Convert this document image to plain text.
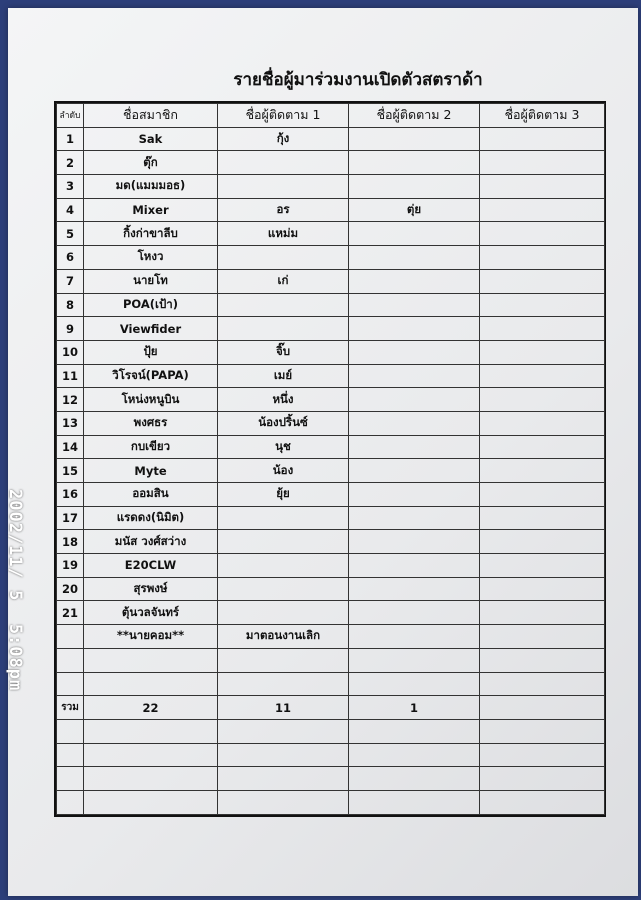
รายชื่อผู้มาร่วมงานเปิดตัวสตราด้า
ลำดับ	ชื่อสมาชิก	ชื่อผู้ติดตาม 1	ชื่อผู้ติดตาม 2	ชื่อผู้ติดตาม 3
1	Sak	กุ้ง		
2	ตุ๊ก			
3	มด(แมมมอธ)			
4	Mixer	อร	ตุ่ย	
5	กิ้งก่าขาลีบ	แหม่ม		
6	โหงว			
7	นายโท	เก่		
8	POA(เป้า)			
9	Viewfider			
10	ปุ้ย	จิ๊บ		
11	วิโรจน์(PAPA)	เมย์		
12	โหน่งหนูบิน	หนึ่ง		
13	พงศธร	น้องปริ้นซ์		
14	กบเขียว	นุช		
15	Myte	น้อง		
16	ออมสิน	ยุ้ย		
17	แรดดง(นิมิต)			
18	มนัส วงศ์สว่าง			
19	E20CLW			
20	สุรพงษ์			
21	ตุ้นวลจันทร์			
	**นายคอม**	มาตอนงานเลิก		

รวม	22	11	1	

2002/11/ 5  5:08pm
